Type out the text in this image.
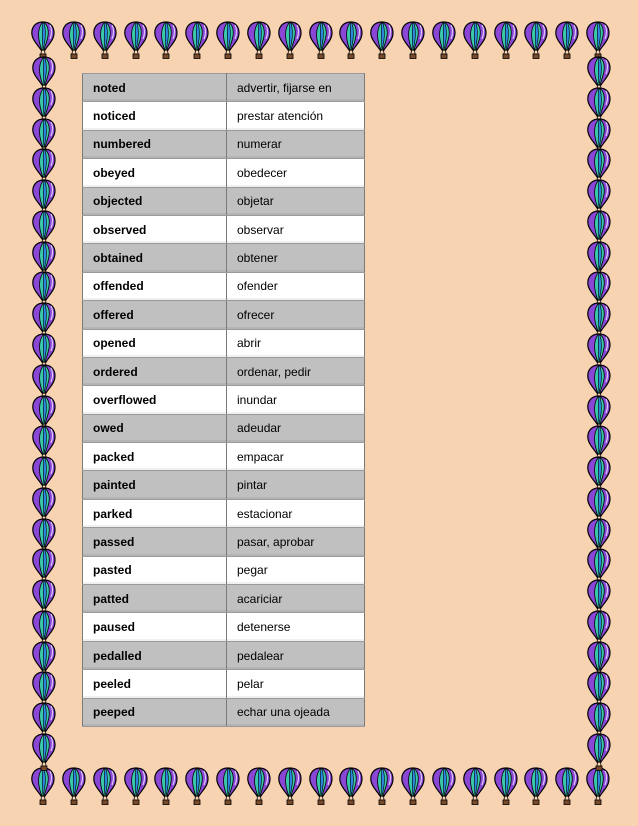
noted	advertir, fijarse en
noticed	prestar atención
numbered	numerar
obeyed	obedecer
objected	objetar
observed	observar
obtained	obtener
offended	ofender
offered	ofrecer
opened	abrir
ordered	ordenar, pedir
overflowed	inundar
owed	adeudar
packed	empacar
painted	pintar
parked	estacionar
passed	pasar, aprobar
pasted	pegar
patted	acariciar
paused	detenerse
pedalled	pedalear
peeled	pelar
peeped	echar una ojeada
